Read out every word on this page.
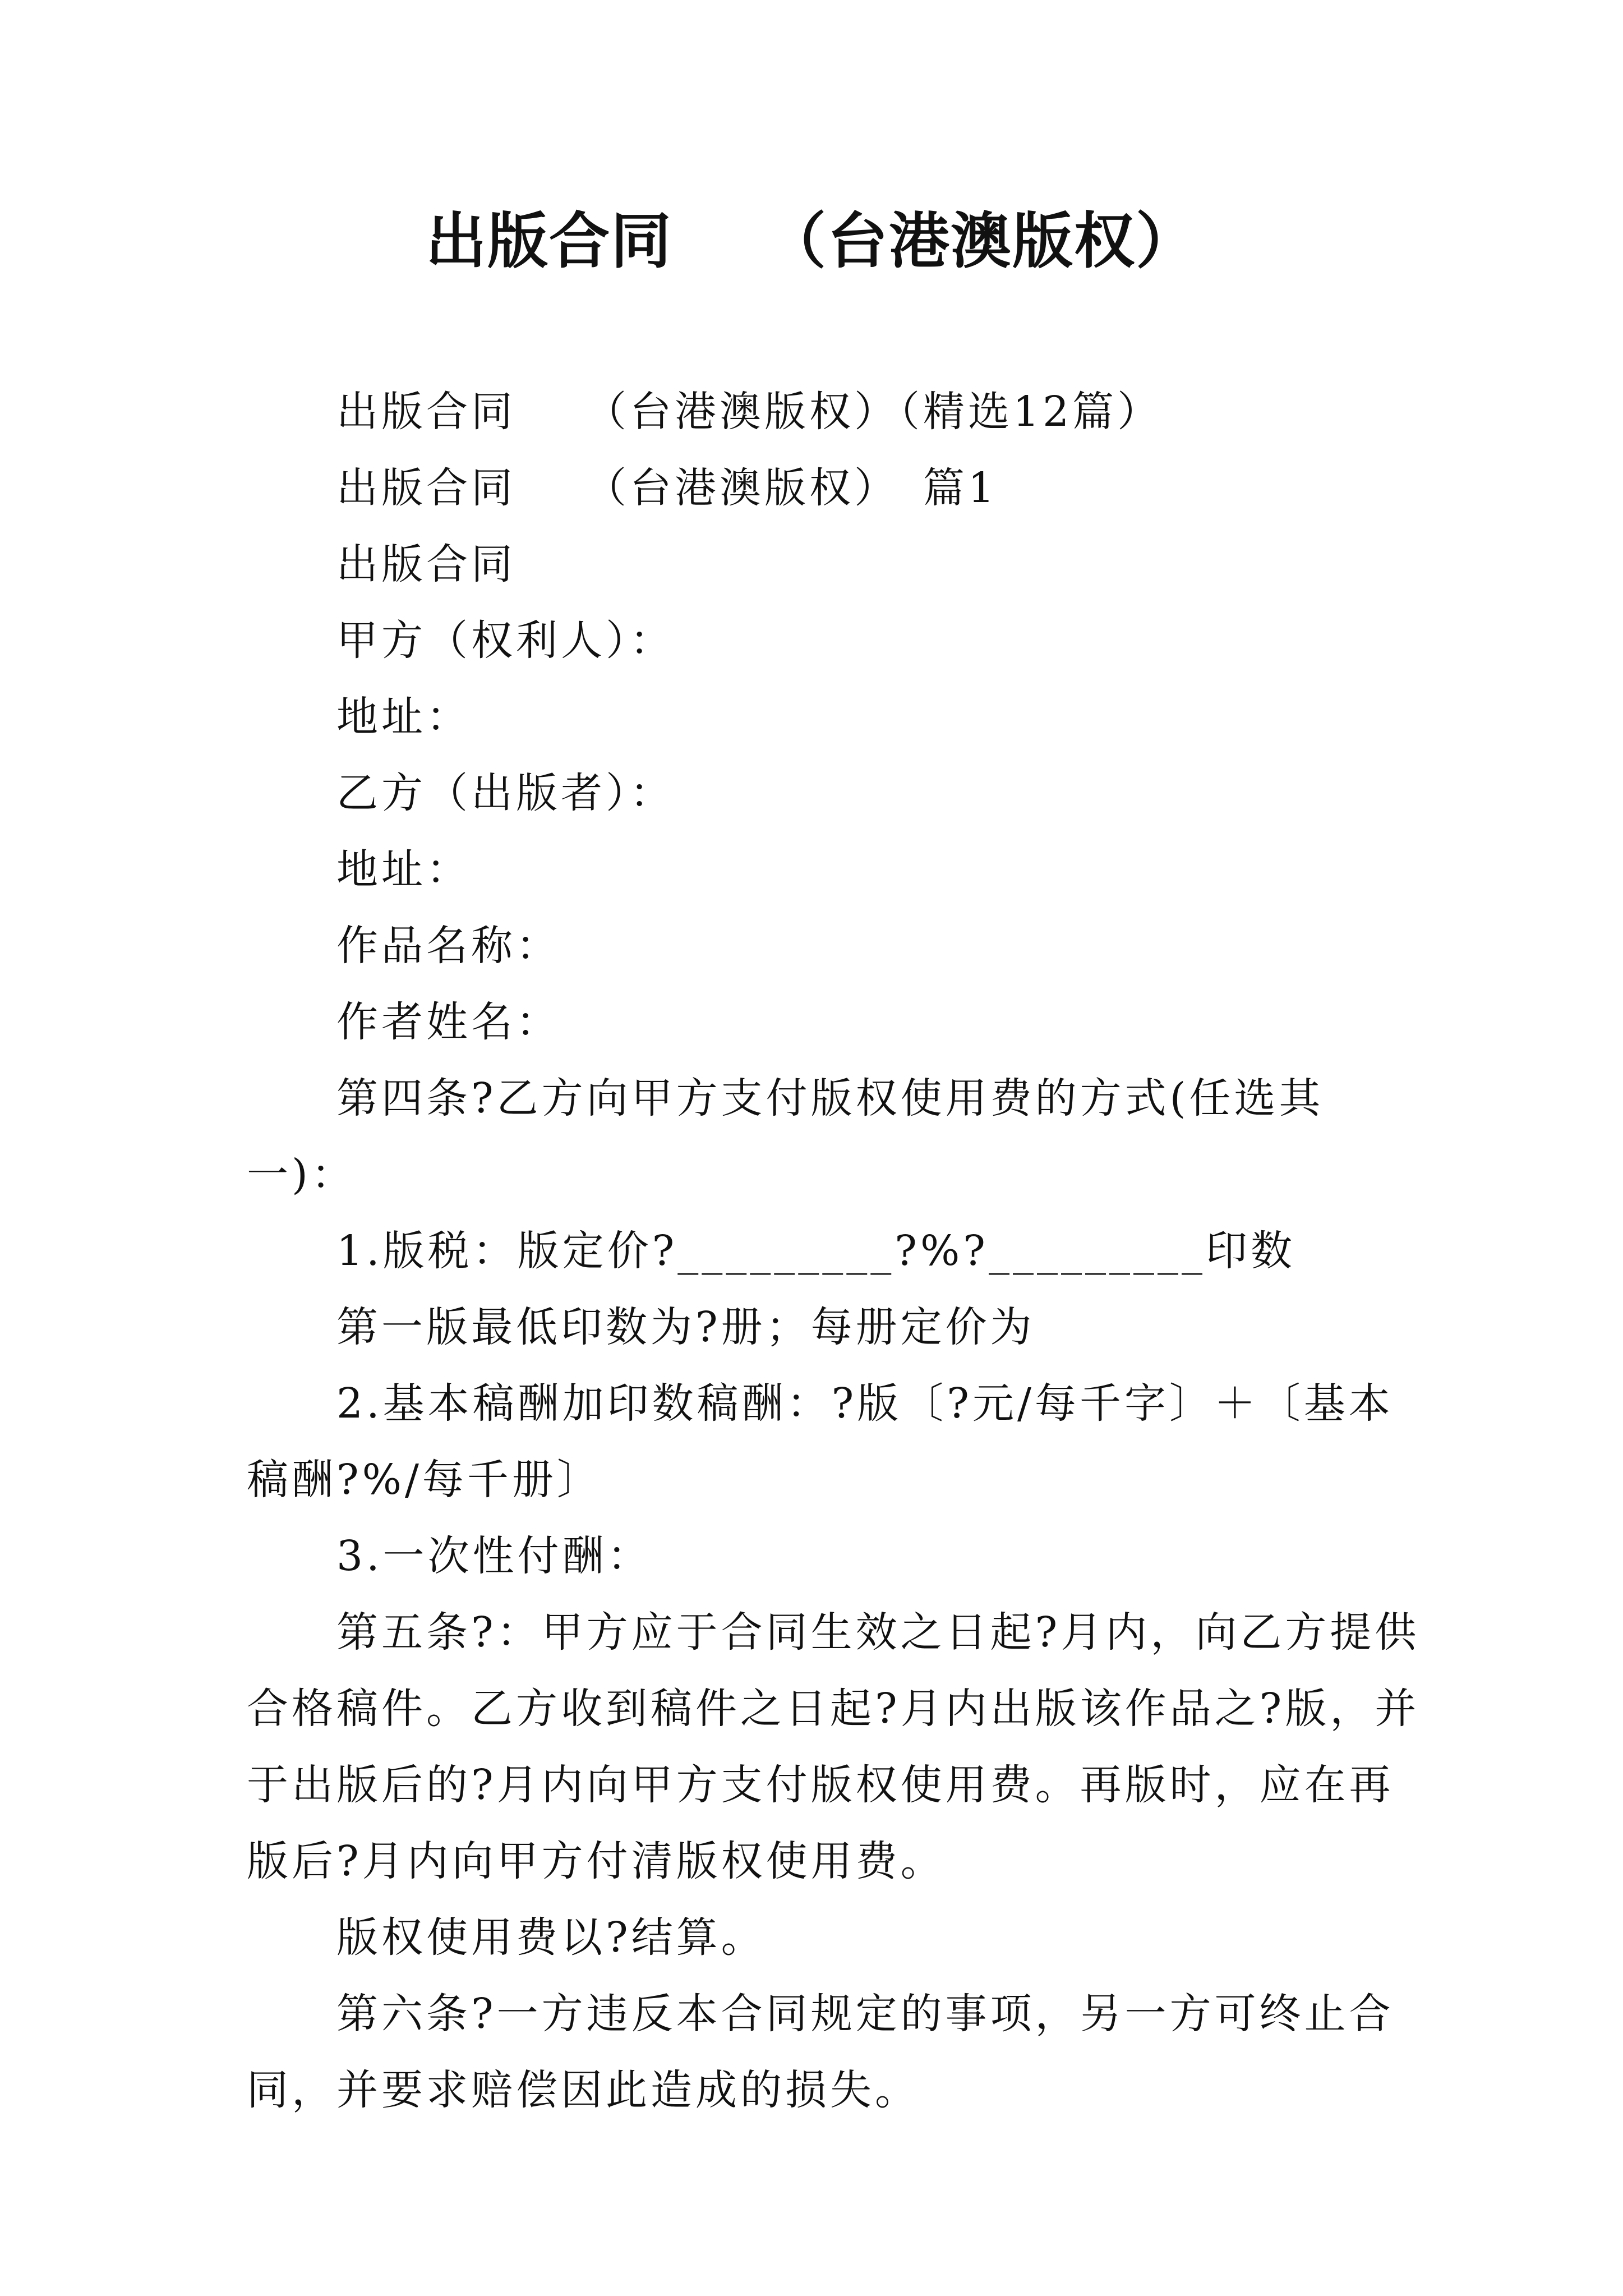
出版合同　　（台港澳版权）

出版合同　　（台港澳版权）（精选12篇）

出版合同　　（台港澳版权）　篇1

出版合同

甲方（权利人）：

地址：

乙方（出版者）：

地址：

作品名称：

作者姓名：

第四条?乙方向甲方支付版权使用费的方式(任选其一)：

1.版税：版定价?_________?%?_________印数

第一版最低印数为?册；每册定价为

2.基本稿酬加印数稿酬：?版〔?元/每千字〕＋〔基本稿酬?%/每千册〕

3.一次性付酬：

第五条?：甲方应于合同生效之日起?月内，向乙方提供合格稿件。乙方收到稿件之日起?月内出版该作品之?版，并于出版后的?月内向甲方支付版权使用费。再版时，应在再版后?月内向甲方付清版权使用费。

版权使用费以?结算。

第六条?一方违反本合同规定的事项，另一方可终止合同，并要求赔偿因此造成的损失。
